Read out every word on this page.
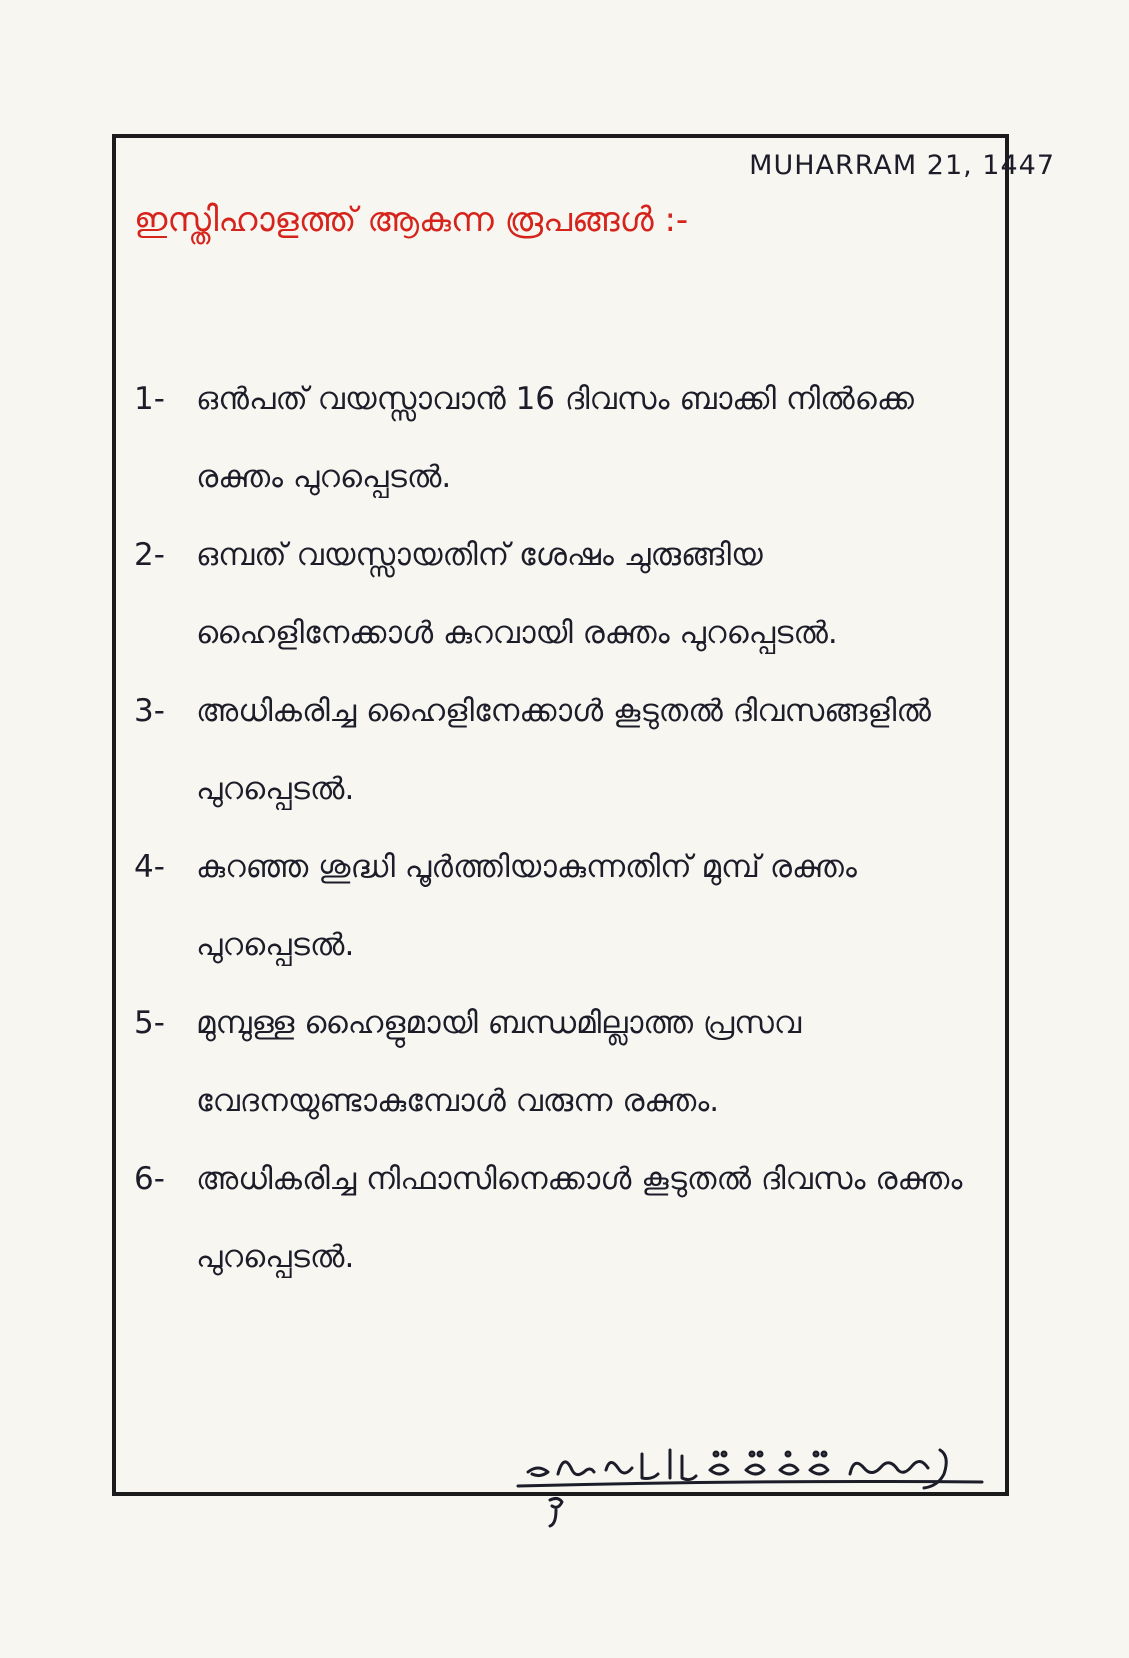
MUHARRAM 21, 1447
ഇസ്തിഹാളത്ത് ആകുന്ന രൂപങ്ങൾ :-
1-	ഒൻപത് വയസ്സാവാൻ 16 ദിവസം ബാക്കി നിൽക്കെ രക്തം പുറപ്പെടൽ.
2-	ഒമ്പത് വയസ്സായതിന് ശേഷം ചുരുങ്ങിയ ഹൈളിനേക്കാൾ കുറവായി രക്തം പുറപ്പെടൽ.
3-	അധികരിച്ച ഹൈളിനേക്കാൾ കൂടുതൽ ദിവസങ്ങളിൽ പുറപ്പെടൽ.
4-	കുറഞ്ഞ ശുദ്ധി പൂർത്തിയാകുന്നതിന് മുമ്പ് രക്തം പുറപ്പെടൽ.
5-	മുമ്പുള്ള ഹൈളുമായി ബന്ധമില്ലാത്ത പ്രസവ വേദനയുണ്ടാകുമ്പോൾ വരുന്ന രക്തം.
6-	അധികരിച്ച നിഫാസിനെക്കാൾ കൂടുതൽ ദിവസം രക്തം പുറപ്പെടൽ.
